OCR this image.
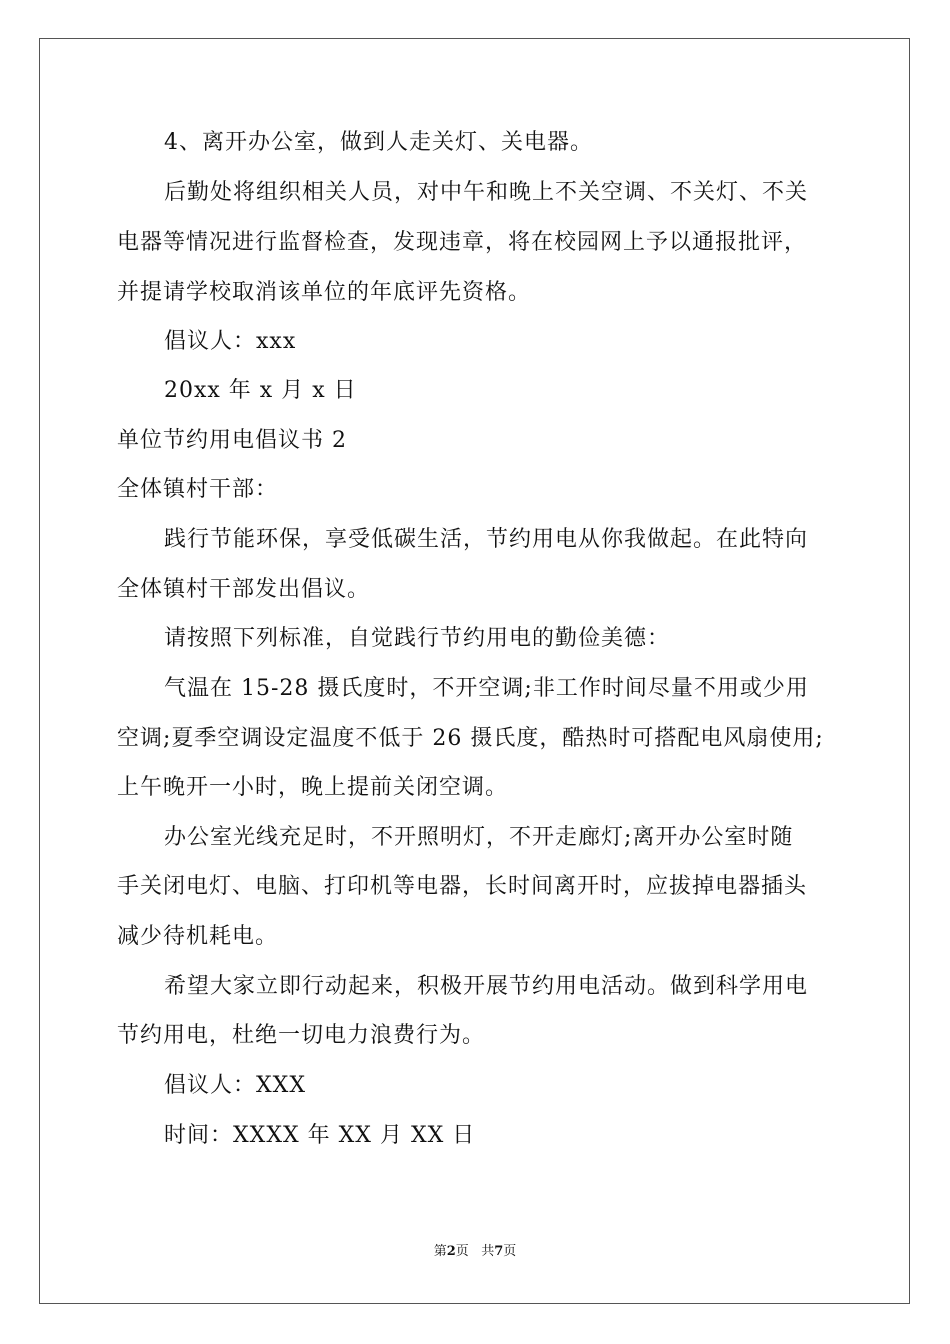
4、离开办公室，做到人走关灯、关电器。
后勤处将组织相关人员，对中午和晚上不关空调、不关灯、不关
电器等情况进行监督检查，发现违章，将在校园网上予以通报批评，
并提请学校取消该单位的年底评先资格。
倡议人：xxx
20xx 年 x 月 x 日
单位节约用电倡议书 2
全体镇村干部：
践行节能环保，享受低碳生活，节约用电从你我做起。在此特向
全体镇村干部发出倡议。
请按照下列标准，自觉践行节约用电的勤俭美德：
气温在 15-28 摄氏度时，不开空调;非工作时间尽量不用或少用
空调;夏季空调设定温度不低于 26 摄氏度，酷热时可搭配电风扇使用;
上午晚开一小时，晚上提前关闭空调。
办公室光线充足时，不开照明灯，不开走廊灯;离开办公室时随
手关闭电灯、电脑、打印机等电器，长时间离开时，应拔掉电器插头
减少待机耗电。
希望大家立即行动起来，积极开展节约用电活动。做到科学用电
节约用电，杜绝一切电力浪费行为。
倡议人：XXX
时间：XXXX 年 XX 月 XX 日
第2页   共7页
